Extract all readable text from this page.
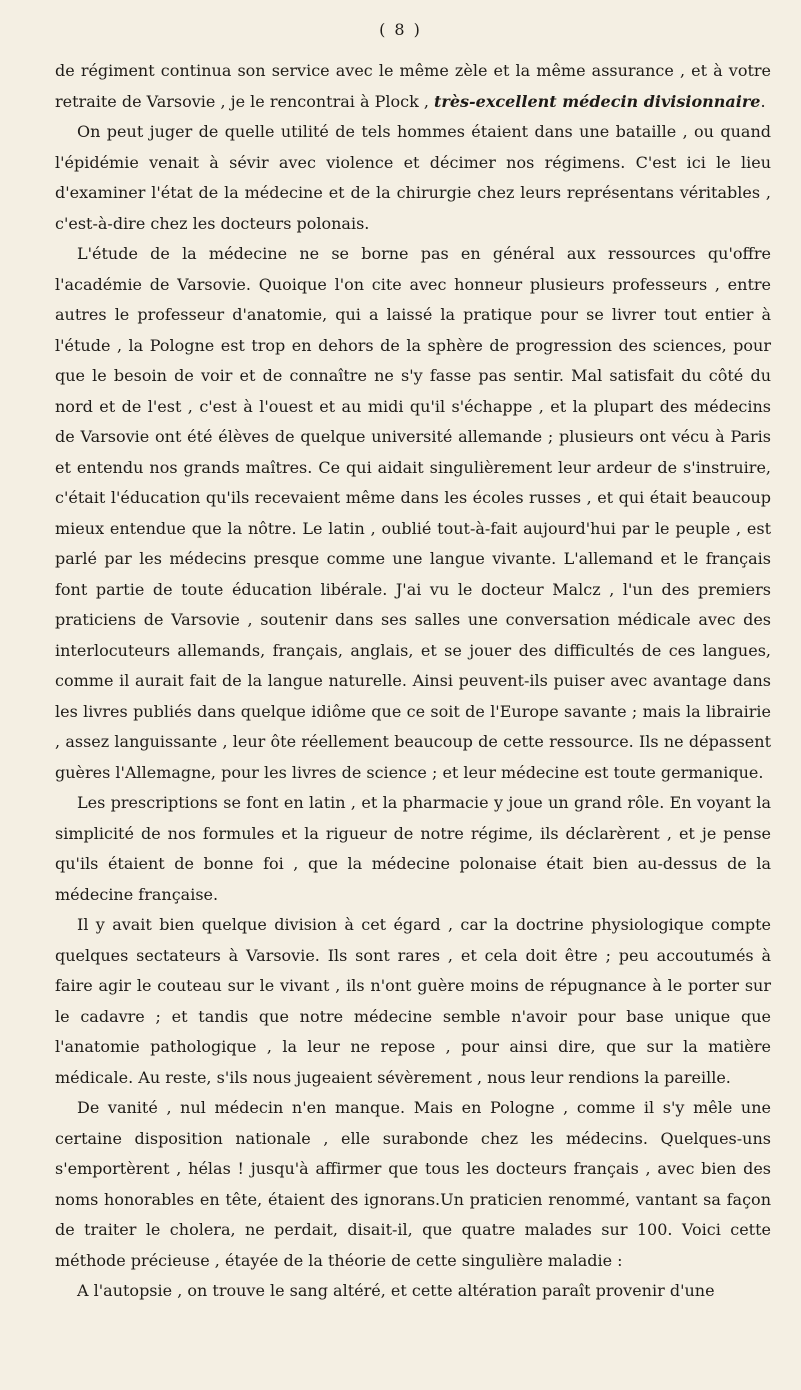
( 8 )

de régiment continua son service avec le même zèle et la même assurance , et à votre retraite de Varsovie , je le rencontrai à Plock , très-excellent médecin divisionnaire.

On peut juger de quelle utilité de tels hommes étaient dans une bataille , ou quand l'épidémie venait à sévir avec violence et décimer nos régimens. C'est ici le lieu d'examiner l'état de la médecine et de la chirurgie chez leurs représentans véritables , c'est-à-dire chez les docteurs polonais.

L'étude de la médecine ne se borne pas en général aux ressources qu'offre l'académie de Varsovie. Quoique l'on cite avec honneur plusieurs professeurs , entre autres le professeur d'anatomie, qui a laissé la pratique pour se livrer tout entier à l'étude , la Pologne est trop en dehors de la sphère de progression des sciences, pour que le besoin de voir et de connaître ne s'y fasse pas sentir. Mal satisfait du côté du nord et de l'est , c'est à l'ouest et au midi qu'il s'échappe , et la plupart des médecins de Varsovie ont été élèves de quelque université allemande ; plusieurs ont vécu à Paris et entendu nos grands maîtres. Ce qui aidait singulièrement leur ardeur de s'instruire, c'était l'éducation qu'ils recevaient même dans les écoles russes , et qui était beaucoup mieux entendue que la nôtre. Le latin , oublié tout-à-fait aujourd'hui par le peuple , est parlé par les médecins presque comme une langue vivante. L'allemand et le français font partie de toute éducation libérale. J'ai vu le docteur Malcz , l'un des premiers praticiens de Varsovie , soutenir dans ses salles une conversation médicale avec des interlocuteurs allemands, français, anglais, et se jouer des difficultés de ces langues, comme il aurait fait de la langue naturelle. Ainsi peuvent-ils puiser avec avantage dans les livres publiés dans quelque idiôme que ce soit de l'Europe savante ; mais la librairie , assez languissante , leur ôte réellement beaucoup de cette ressource. Ils ne dépassent guères l'Allemagne, pour les livres de science ; et leur médecine est toute germanique.

Les prescriptions se font en latin , et la pharmacie y joue un grand rôle. En voyant la simplicité de nos formules et la rigueur de notre régime, ils déclarèrent , et je pense qu'ils étaient de bonne foi , que la médecine polonaise était bien au-dessus de la médecine française.

Il y avait bien quelque division à cet égard , car la doctrine physiologique compte quelques sectateurs à Varsovie. Ils sont rares , et cela doit être ; peu accoutumés à faire agir le couteau sur le vivant , ils n'ont guère moins de répugnance à le porter sur le cadavre ; et tandis que notre médecine semble n'avoir pour base unique que l'anatomie pathologique , la leur ne repose , pour ainsi dire, que sur la matière médicale. Au reste, s'ils nous jugeaient sévèrement , nous leur rendions la pareille.

De vanité , nul médecin n'en manque. Mais en Pologne , comme il s'y mêle une certaine disposition nationale , elle surabonde chez les médecins. Quelques-uns s'emportèrent , hélas ! jusqu'à affirmer que tous les docteurs français , avec bien des noms honorables en tête, étaient des ignorans.Un praticien renommé, vantant sa façon de traiter le cholera, ne perdait, disait-il, que quatre malades sur 100. Voici cette méthode précieuse , étayée de la théorie de cette singulière maladie :

A l'autopsie , on trouve le sang altéré, et cette altération paraît provenir d'une
